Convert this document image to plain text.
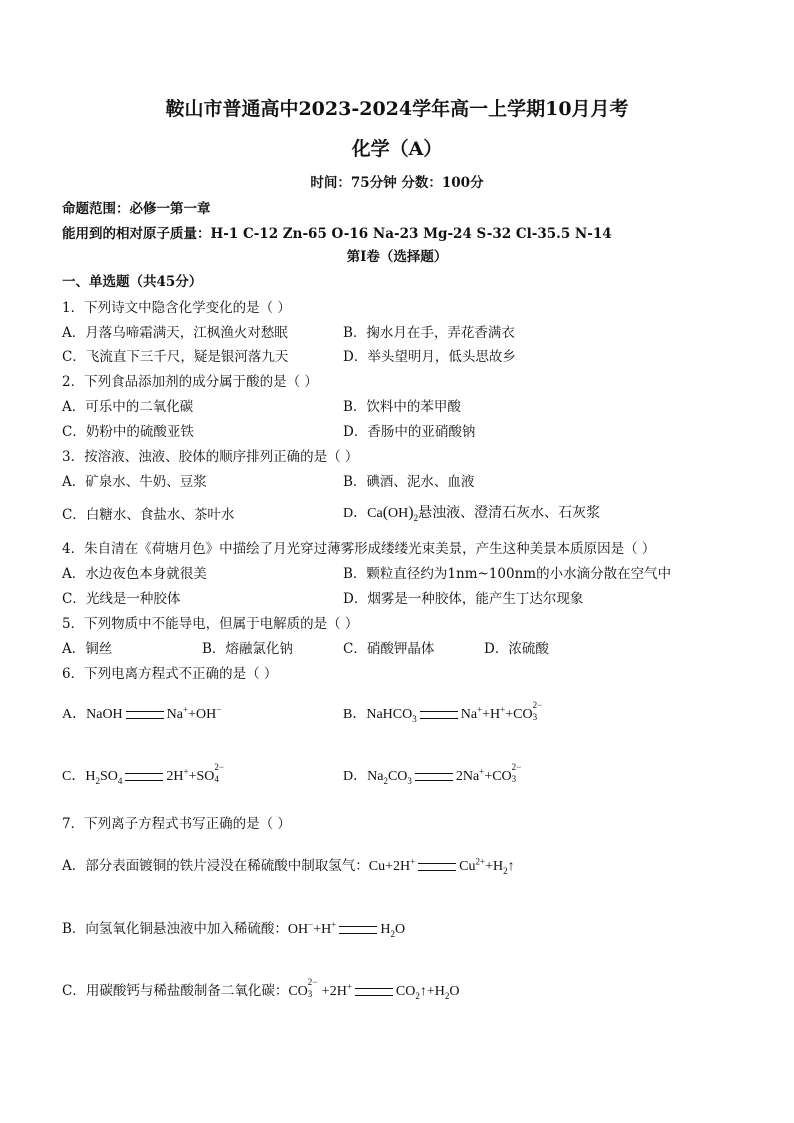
鞍山市普通高中2023-2024学年高一上学期10月月考
化学（A）
时间：75分钟 分数：100分
命题范围：必修一第一章
能用到的相对原子质量：H-1 C-12 Zn-65 O-16 Na-23 Mg-24 S-32 Cl-35.5 N-14
第Ⅰ卷（选择题）
一、单选题（共45分）
1．下列诗文中隐含化学变化的是（ ）
A．月落乌啼霜满天，江枫渔火对愁眠	B．掬水月在手，弄花香满衣
C．飞流直下三千尺，疑是银河落九天	D．举头望明月，低头思故乡
2．下列食品添加剂的成分属于酸的是（ ）
A．可乐中的二氧化碳	B．饮料中的苯甲酸
C．奶粉中的硫酸亚铁	D．香肠中的亚硝酸钠
3．按溶液、浊液、胶体的顺序排列正确的是（ ）
A．矿泉水、牛奶、豆浆	B．碘酒、泥水、血液
C．白糖水、食盐水、茶叶水	D．$Ca(OH)_2$悬浊液、澄清石灰水、石灰浆
4．朱自清在《荷塘月色》中描绘了月光穿过薄雾形成缕缕光束美景，产生这种美景本质原因是（ ）
A．水边夜色本身就很美	B．颗粒直径约为1nm~100nm的小水滴分散在空气中
C．光线是一种胶体	D．烟雾是一种胶体，能产生丁达尔现象
5．下列物质中不能导电，但属于电解质的是（ ）
A．铜丝	B．熔融氯化钠	C．硝酸钾晶体	D．浓硫酸
6．下列电离方程式不正确的是（ ）
A．NaOH	Na++OH−	B．NaHCO$_3$	Na++H++CO
2−
3
C．$H_2SO_4$	2H++SO
2−
4	D．$Na_2CO_3$	2Na++CO
2−
3
7．下列离子方程式书写正确的是（ ）
A．部分表面镀铜的铁片浸没在稀硫酸中制取氢气：Cu+2H+	$Cu^{2+}+H_2↑$
B．向氢氧化铜悬浊液中加入稀硫酸：OH−+H+	$H_2O$
C．用碳酸钙与稀盐酸制备二氧化碳：CO
2−
3 +2H+	$CO_2↑+H_2O$
